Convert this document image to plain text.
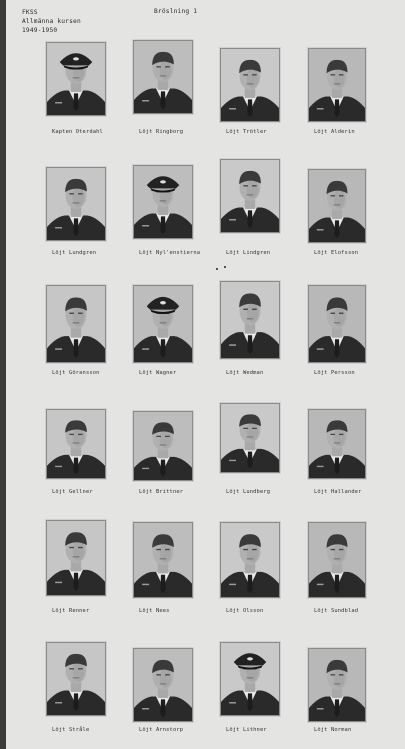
FKSS
Allmänna kursen
1949-1950
Bröslning 1
Kapten Oterdahl	Löjt Ringborg	Löjt Trötler	Löjt Alderin
Löjt Lundgren	Löjt Nyl'enstierna	Löjt Lindgren	Löjt Elofsson
Löjt Göransson	Löjt Wagner	Löjt Wedman	Löjt Persson
Löjt Gellner	Löjt Brittner	Löjt Lundberg	Löjt Hallander
Löjt Renner	Löjt Nees	Löjt Olsson	Löjt Sundblad
Löjt Stråle	Löjt Arnstorp	Löjt Lithner	Löjt Norman
